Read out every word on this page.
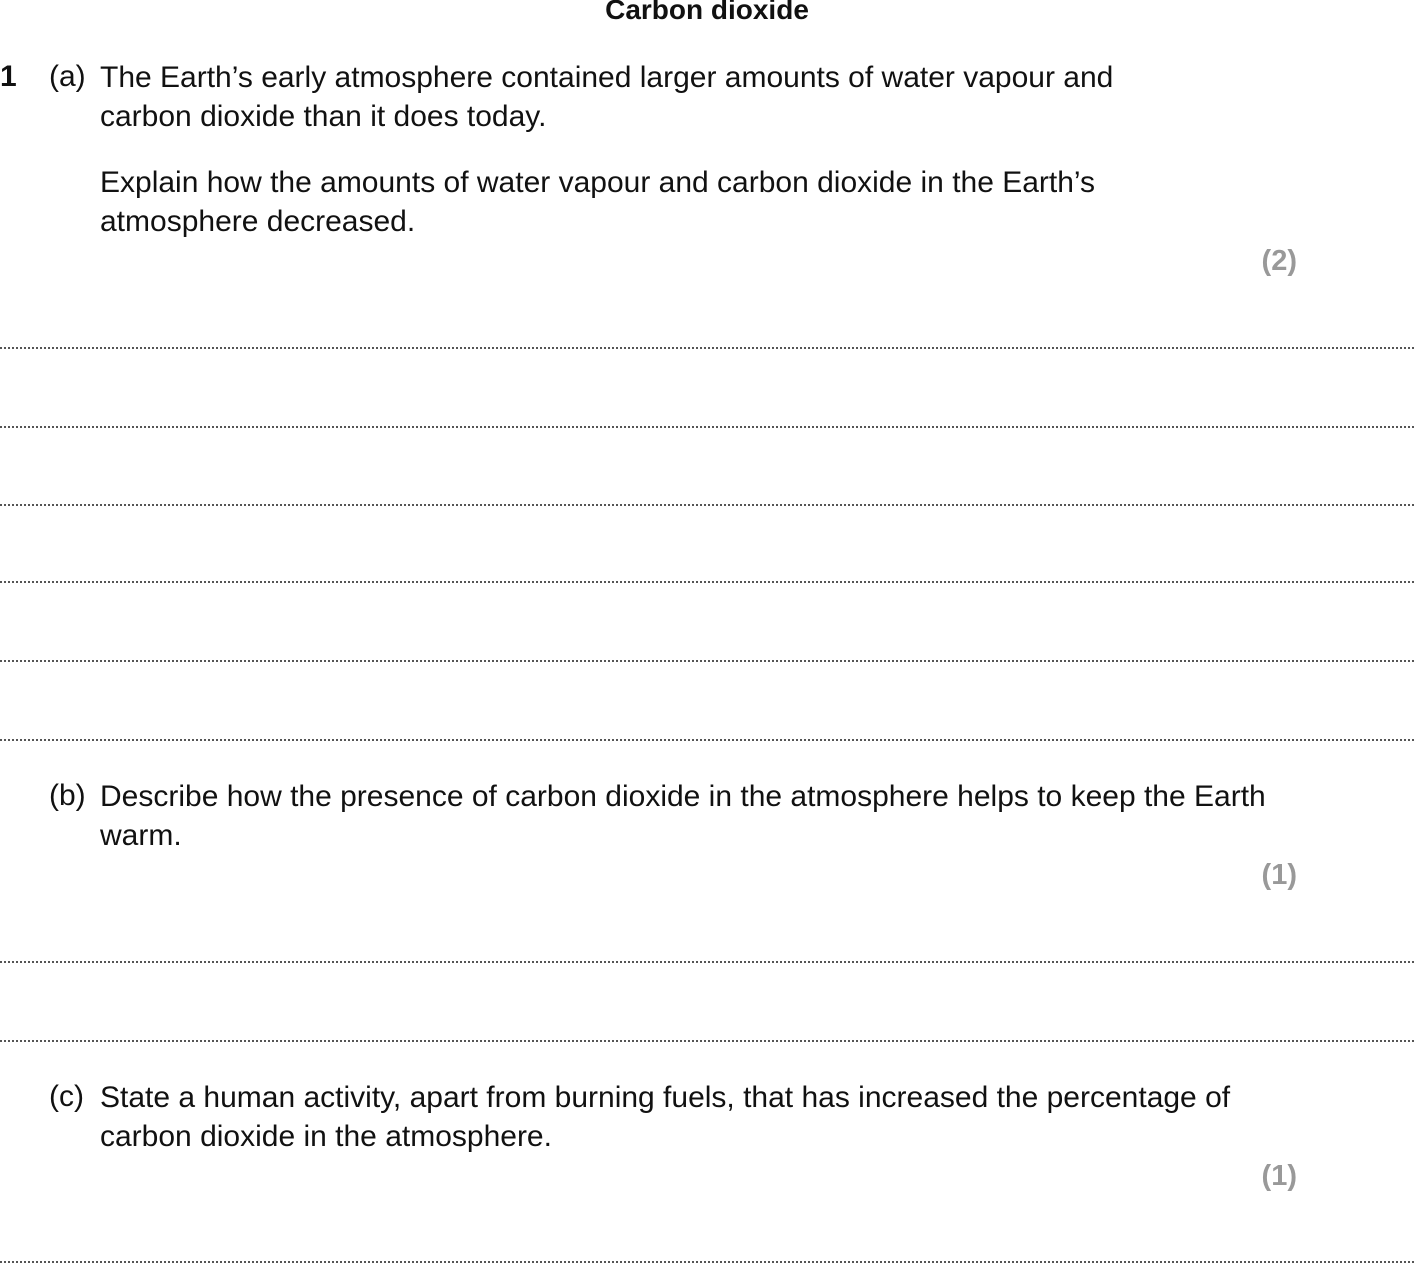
Carbon dioxide
1 (a) The Earth’s early atmosphere contained larger amounts of water vapour and carbon dioxide than it does today.
Explain how the amounts of water vapour and carbon dioxide in the Earth’s atmosphere decreased.
(2)
(b) Describe how the presence of carbon dioxide in the atmosphere helps to keep the Earth warm.
(1)
(c) State a human activity, apart from burning fuels, that has increased the percentage of carbon dioxide in the atmosphere.
(1)
